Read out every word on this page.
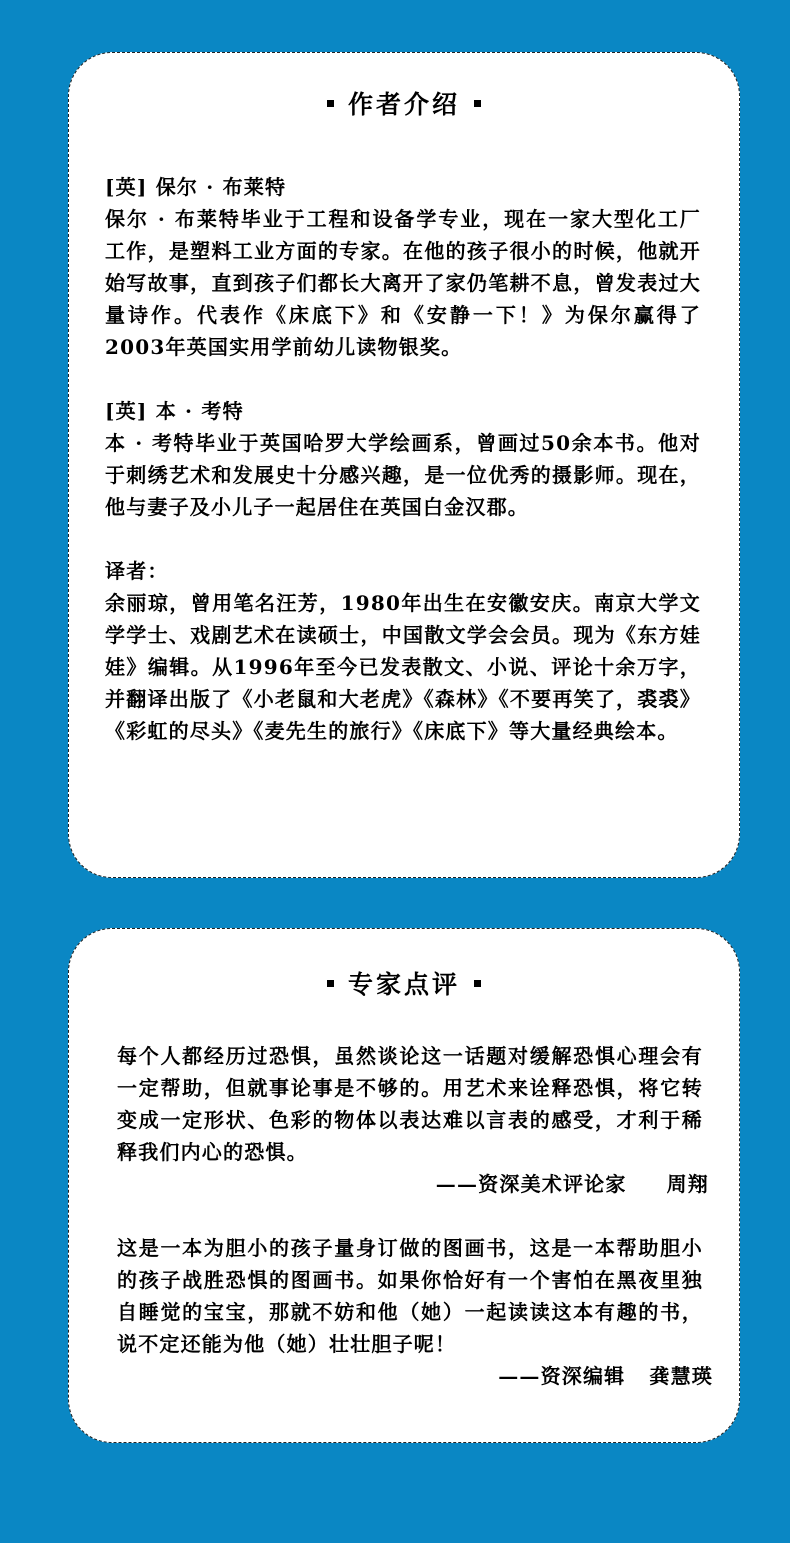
作者介绍

[英] 保尔 · 布莱特

保尔 · 布莱特毕业于工程和设备学专业，现在一家大型化工厂工作，是塑料工业方面的专家。在他的孩子很小的时候，他就开始写故事，直到孩子们都长大离开了家仍笔耕不息，曾发表过大量诗作。代表作《床底下》和《安静一下！》为保尔赢得了2003年英国实用学前幼儿读物银奖。

[英] 本 · 考特

本 · 考特毕业于英国哈罗大学绘画系，曾画过50余本书。他对于刺绣艺术和发展史十分感兴趣，是一位优秀的摄影师。现在，他与妻子及小儿子一起居住在英国白金汉郡。

译者：

余丽琼，曾用笔名汪芳，1980年出生在安徽安庆。南京大学文学学士、戏剧艺术在读硕士，中国散文学会会员。现为《东方娃娃》编辑。从1996年至今已发表散文、小说、评论十余万字，并翻译出版了《小老鼠和大老虎》《森林》《不要再笑了，裘裘》《彩虹的尽头》《麦先生的旅行》《床底下》等大量经典绘本。

专家点评

每个人都经历过恐惧，虽然谈论这一话题对缓解恐惧心理会有一定帮助，但就事论事是不够的。用艺术来诠释恐惧，将它转变成一定形状、色彩的物体以表达难以言表的感受，才利于稀释我们内心的恐惧。

——资深美术评论家 周翔

这是一本为胆小的孩子量身订做的图画书，这是一本帮助胆小的孩子战胜恐惧的图画书。如果你恰好有一个害怕在黑夜里独自睡觉的宝宝，那就不妨和他（她）一起读读这本有趣的书，说不定还能为他（她）壮壮胆子呢！

——资深编辑 龚慧瑛
